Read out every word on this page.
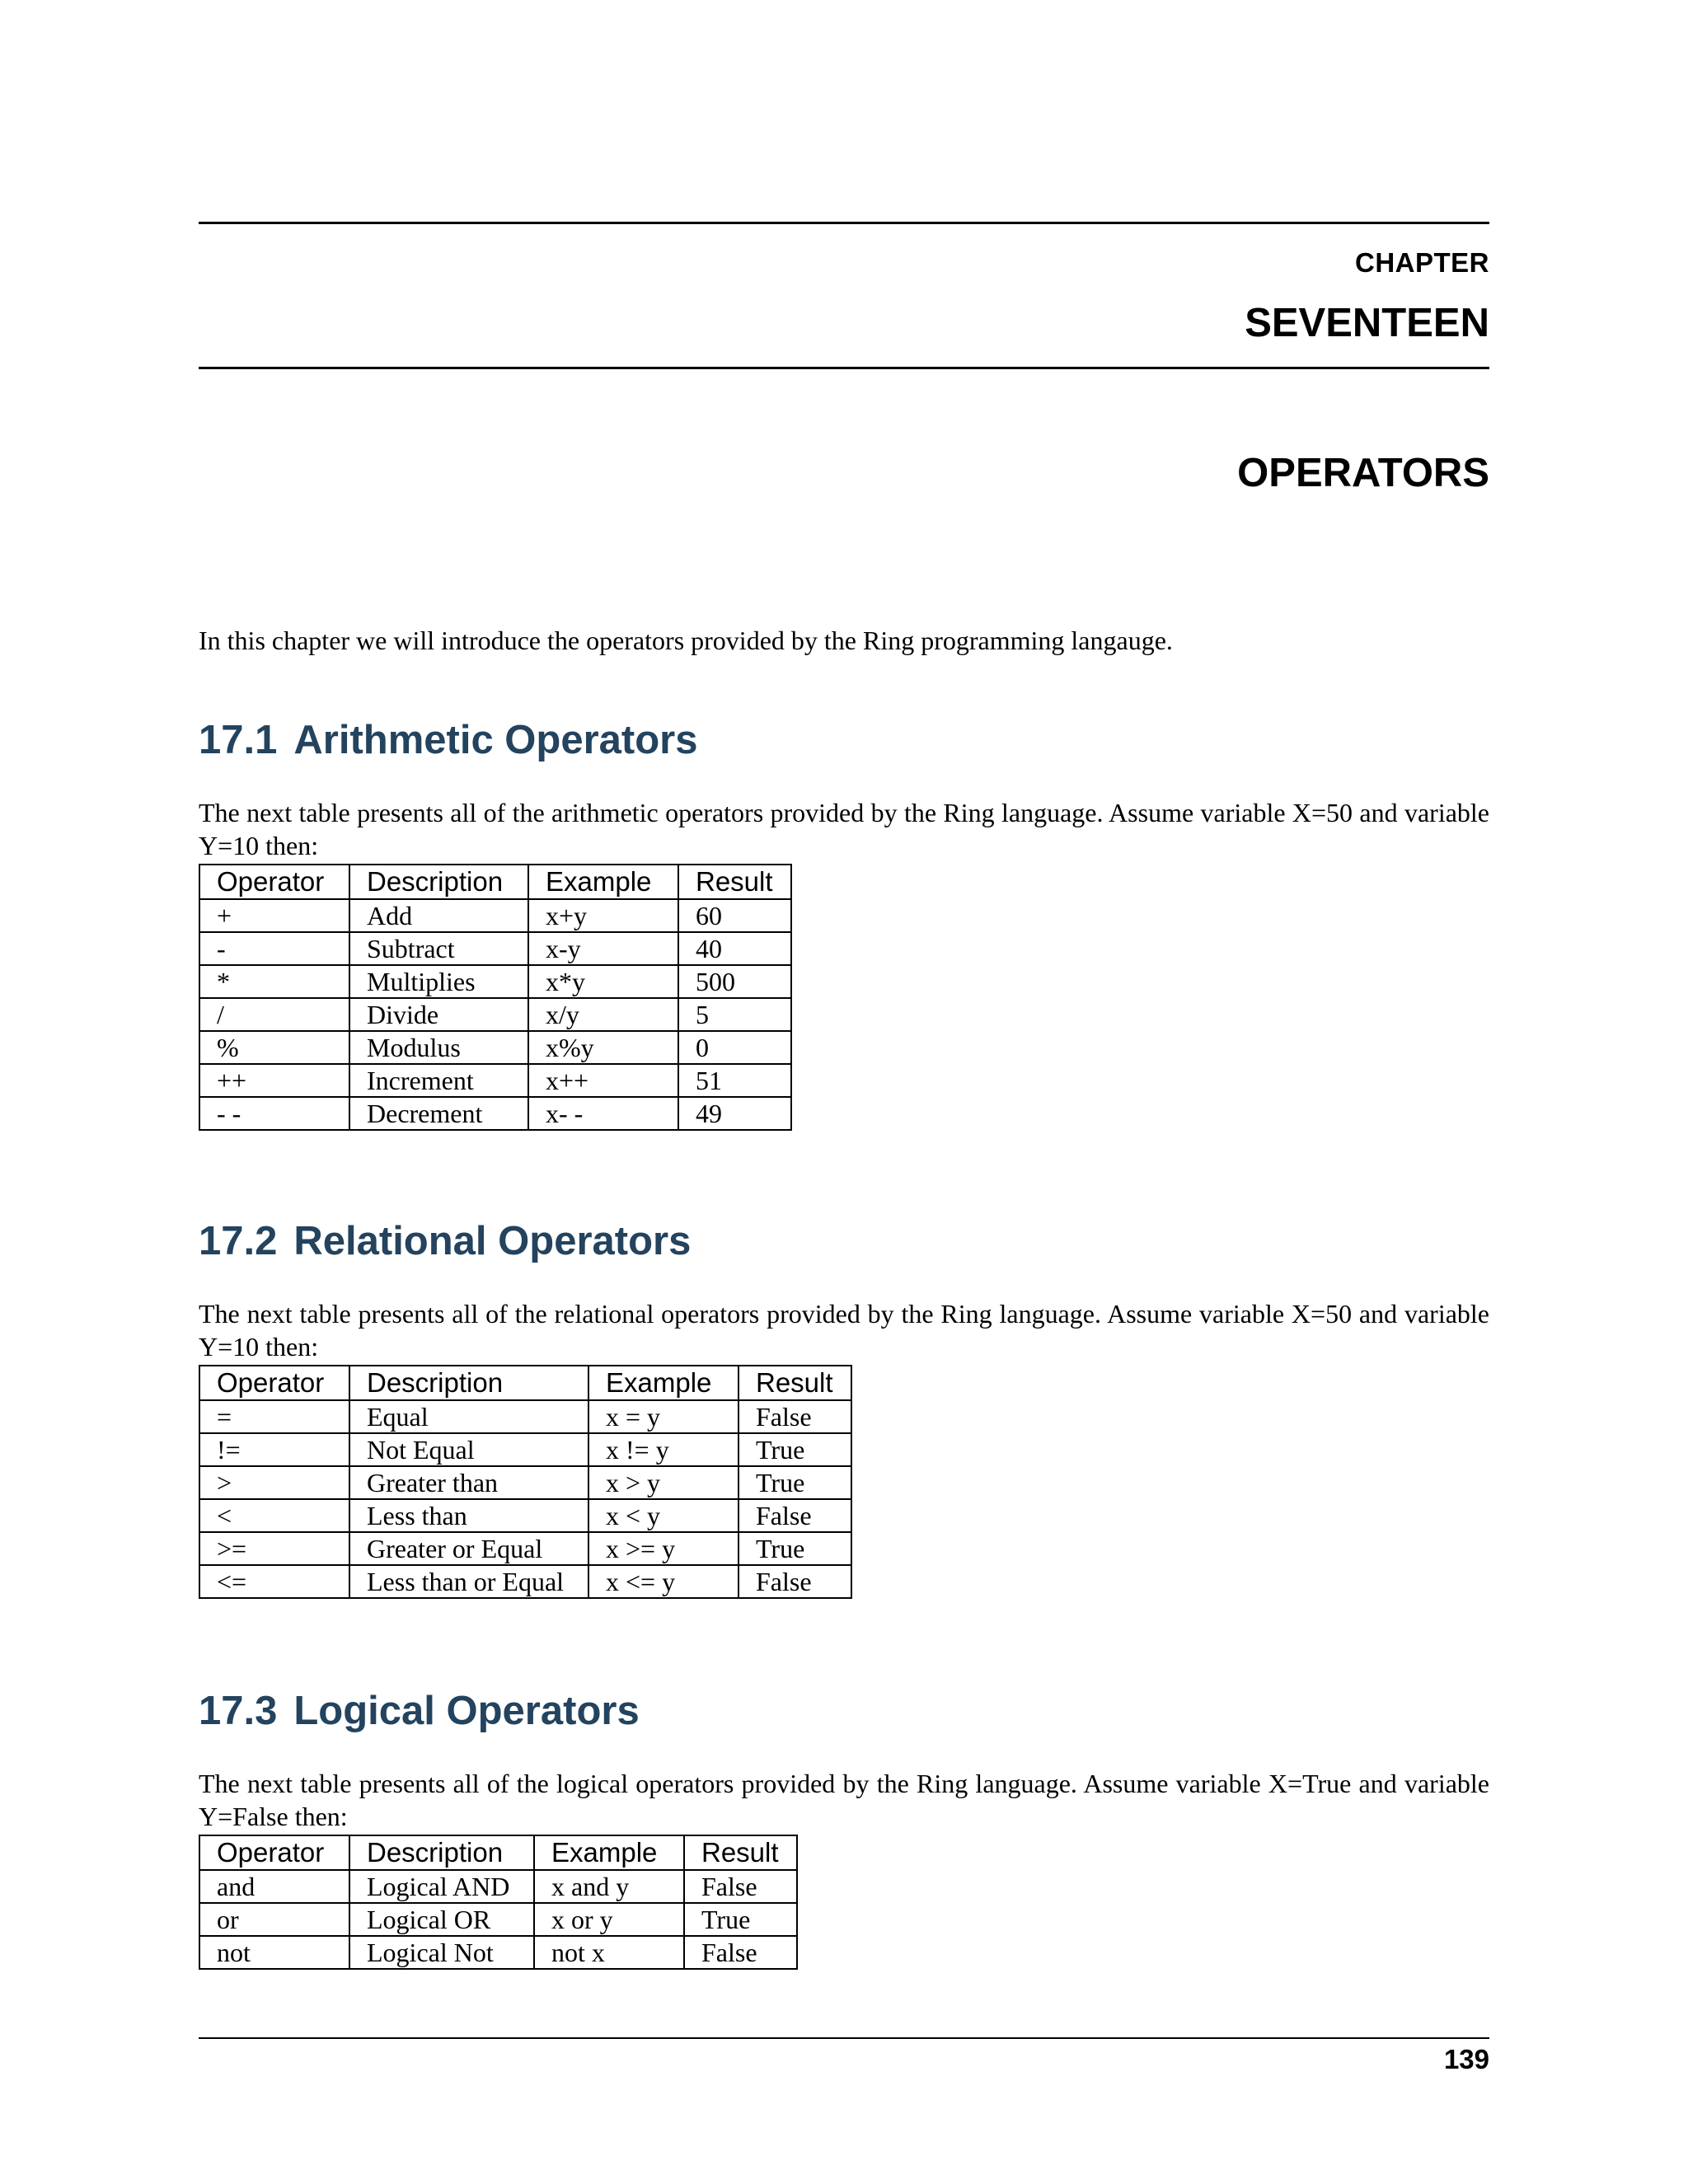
CHAPTER
SEVENTEEN
OPERATORS
In this chapter we will introduce the operators provided by the Ring programming langauge.
17.1 Arithmetic Operators

The next table presents all of the arithmetic operators provided by the Ring language. Assume variable X=50 and variable Y=10 then:

Operator	Description	Example	Result
+	Add	x+y	60
-	Subtract	x-y	40
*	Multiplies	x*y	500
/	Divide	x/y	5
%	Modulus	x%y	0
++	Increment	x++	51
- -	Decrement	x- -	49
17.2 Relational Operators

The next table presents all of the relational operators provided by the Ring language. Assume variable X=50 and variable Y=10 then:

Operator	Description	Example	Result
=	Equal	x = y	False
!=	Not Equal	x != y	True
>	Greater than	x > y	True
<	Less than	x < y	False
>=	Greater or Equal	x >= y	True
<=	Less than or Equal	x <= y	False
17.3 Logical Operators

The next table presents all of the logical operators provided by the Ring language. Assume variable X=True and variable Y=False then:

Operator	Description	Example	Result
and	Logical AND	x and y	False
or	Logical OR	x or y	True
not	Logical Not	not x	False
139
